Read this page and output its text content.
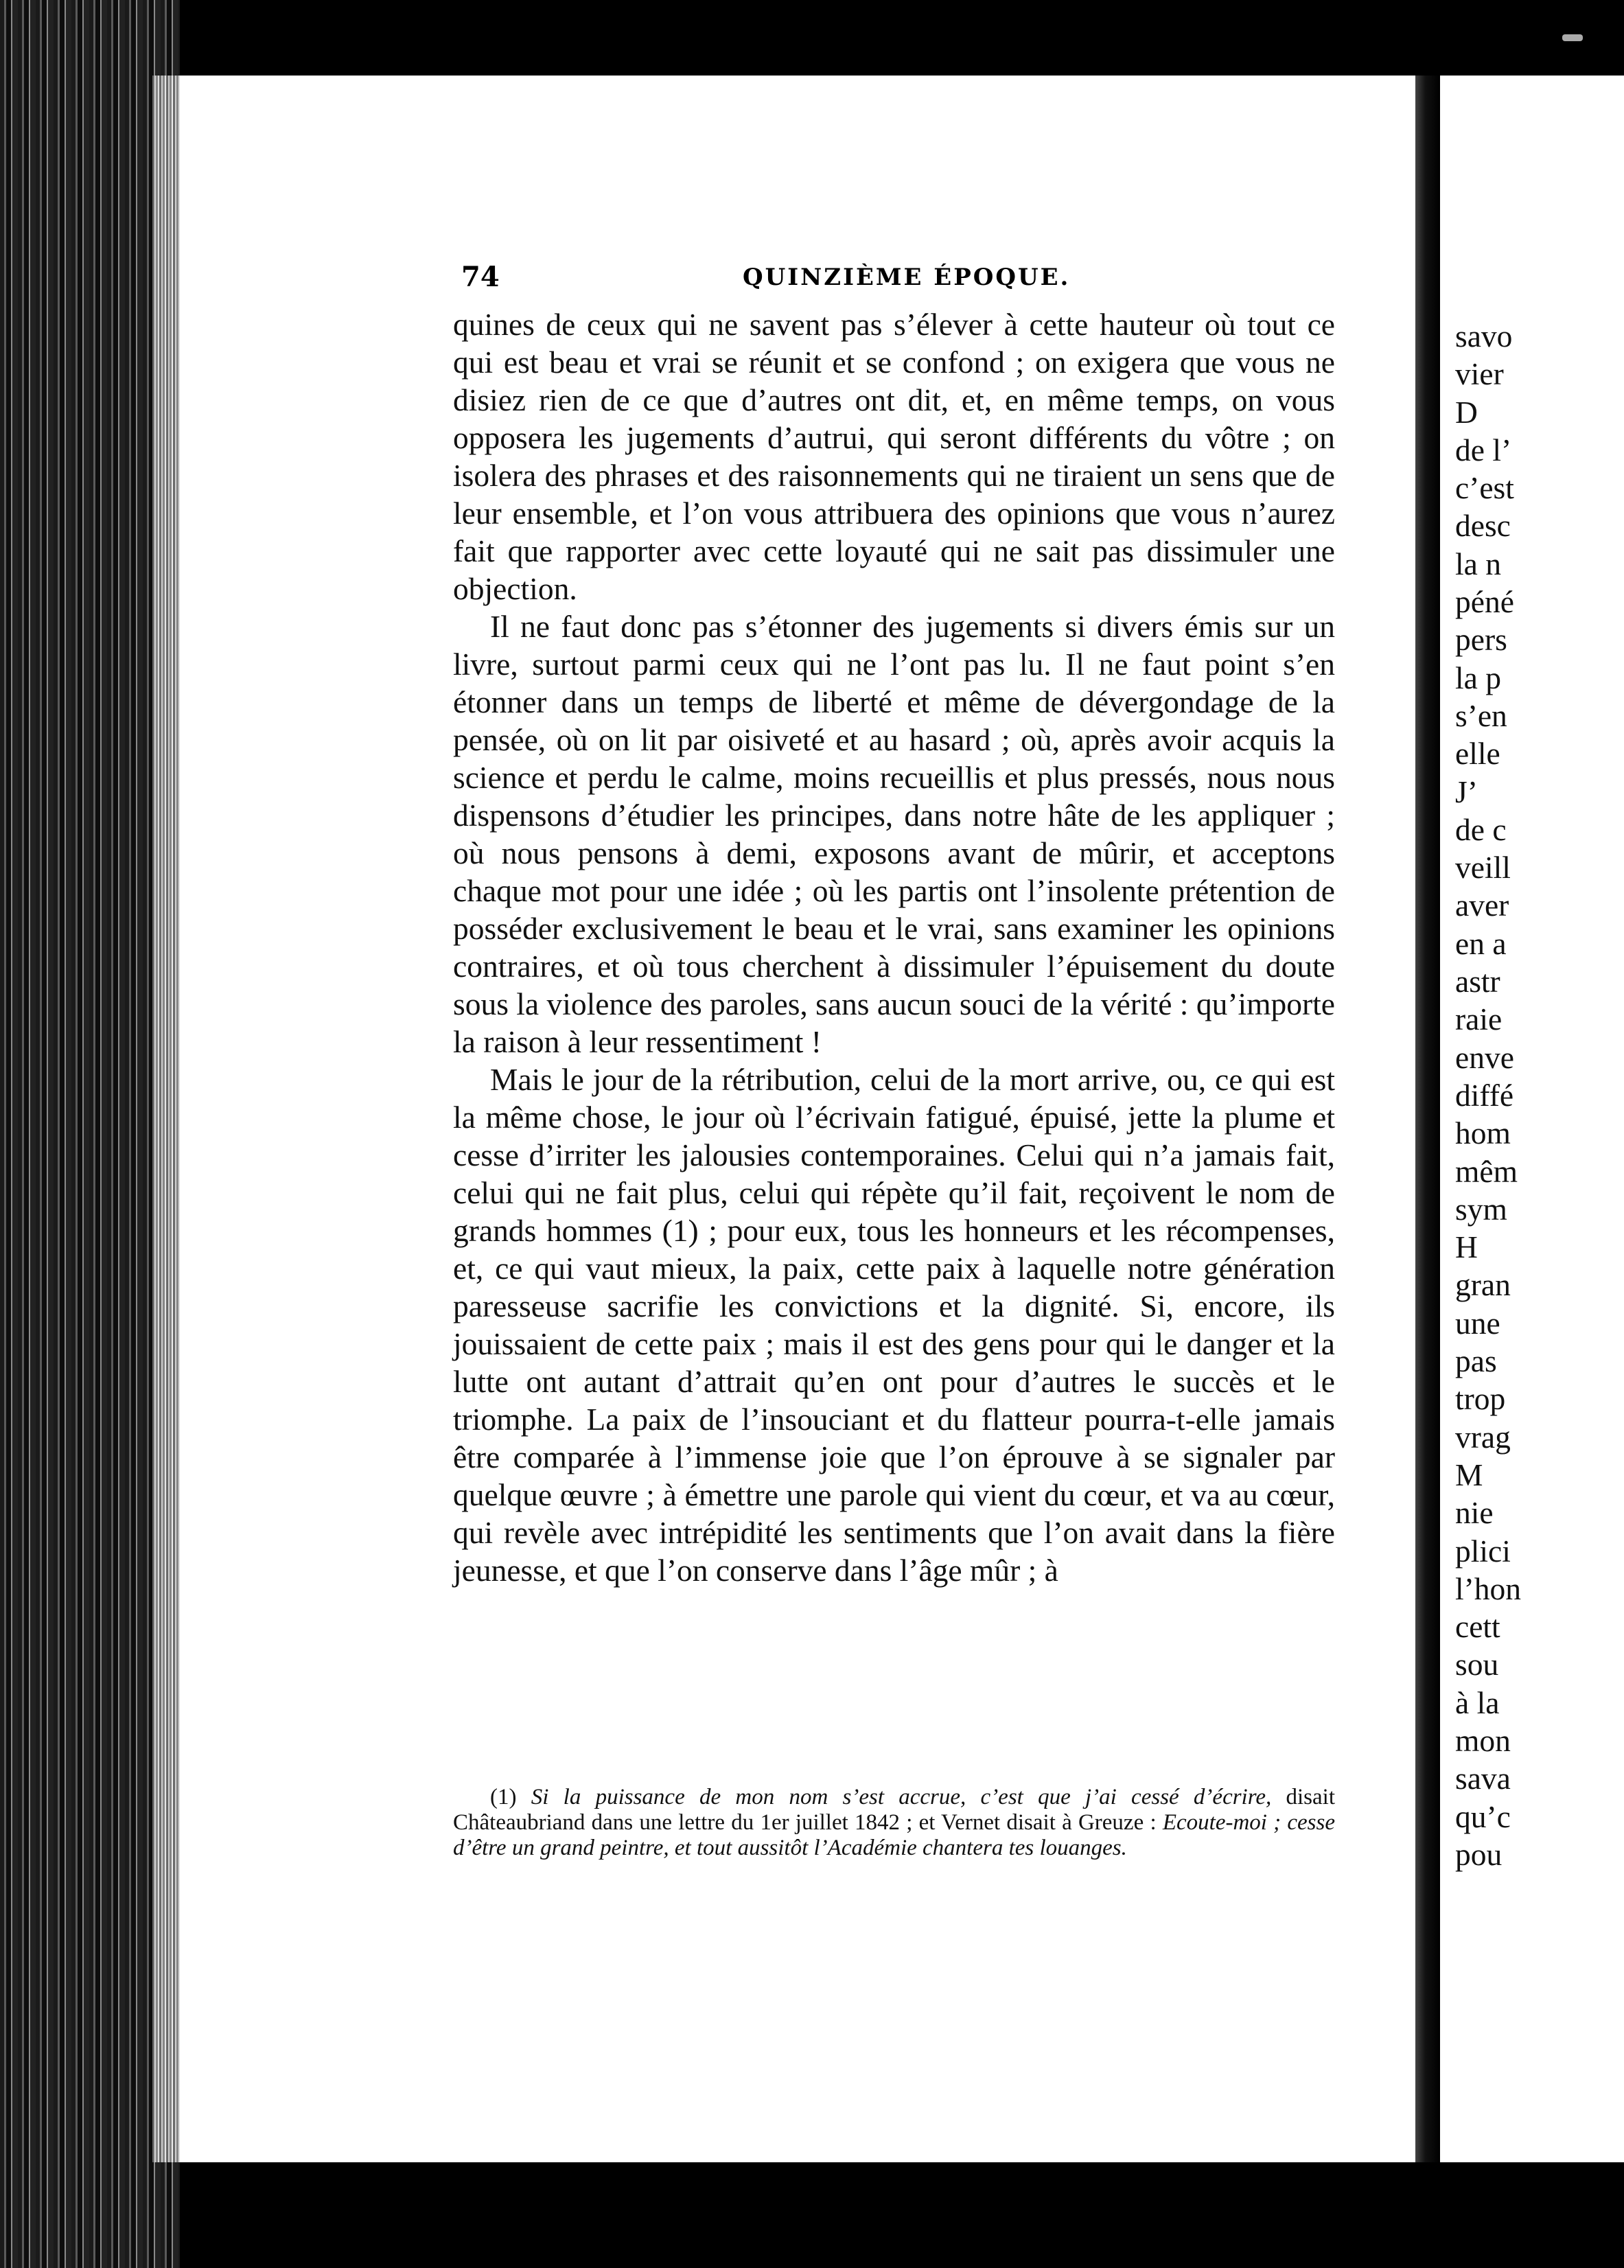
savo
vier
D
de l’
c’est
desc
la n
péné
pers
la p
s’en
elle
J’
de c
veill
aver
en a
astr
raie
enve
diffé
hom
mêm
sym
H
gran
une
pas
trop
vrag
M
nie
plici
l’hon
cett
sou
à la
mon
sava
qu’c
pou
74	QUINZIÈME ÉPOQUE.

quines de ceux qui ne savent pas s’élever à cette hauteur où tout ce qui est beau et vrai se réunit et se confond ; on exigera que vous ne disiez rien de ce que d’autres ont dit, et, en même temps, on vous opposera les jugements d’autrui, qui seront différents du vôtre ; on isolera des phrases et des raisonnements qui ne tiraient un sens que de leur ensemble, et l’on vous attribuera des opinions que vous n’aurez fait que rapporter avec cette loyauté qui ne sait pas dissimuler une objection.

Il ne faut donc pas s’étonner des jugements si divers émis sur un livre, surtout parmi ceux qui ne l’ont pas lu. Il ne faut point s’en étonner dans un temps de liberté et même de dévergondage de la pensée, où on lit par oisiveté et au hasard ; où, après avoir acquis la science et perdu le calme, moins recueillis et plus pressés, nous nous dispensons d’étudier les principes, dans notre hâte de les appliquer ; où nous pensons à demi, exposons avant de mûrir, et acceptons chaque mot pour une idée ; où les partis ont l’insolente prétention de posséder exclusivement le beau et le vrai, sans examiner les opinions contraires, et où tous cherchent à dissimuler l’épuisement du doute sous la violence des paroles, sans aucun souci de la vérité : qu’importe la raison à leur ressentiment !

Mais le jour de la rétribution, celui de la mort arrive, ou, ce qui est la même chose, le jour où l’écrivain fatigué, épuisé, jette la plume et cesse d’irriter les jalousies contemporaines. Celui qui n’a jamais fait, celui qui ne fait plus, celui qui répète qu’il fait, reçoivent le nom de grands hommes (1) ; pour eux, tous les honneurs et les récompenses, et, ce qui vaut mieux, la paix, cette paix à laquelle notre génération paresseuse sacrifie les convictions et la dignité. Si, encore, ils jouissaient de cette paix ; mais il est des gens pour qui le danger et la lutte ont autant d’attrait qu’en ont pour d’autres le succès et le triomphe. La paix de l’insouciant et du flatteur pourra-t-elle jamais être comparée à l’immense joie que l’on éprouve à se signaler par quelque œuvre ; à émettre une parole qui vient du cœur, et va au cœur, qui revèle avec intrépidité les sentiments que l’on avait dans la fière jeunesse, et que l’on conserve dans l’âge mûr ; à

(1) Si la puissance de mon nom s’est accrue, c’est que j’ai cessé d’écrire, disait Châteaubriand dans une lettre du 1er juillet 1842 ; et Vernet disait à Greuze : Ecoute-moi ; cesse d’être un grand peintre, et tout aussitôt l’Académie chantera tes louanges.
